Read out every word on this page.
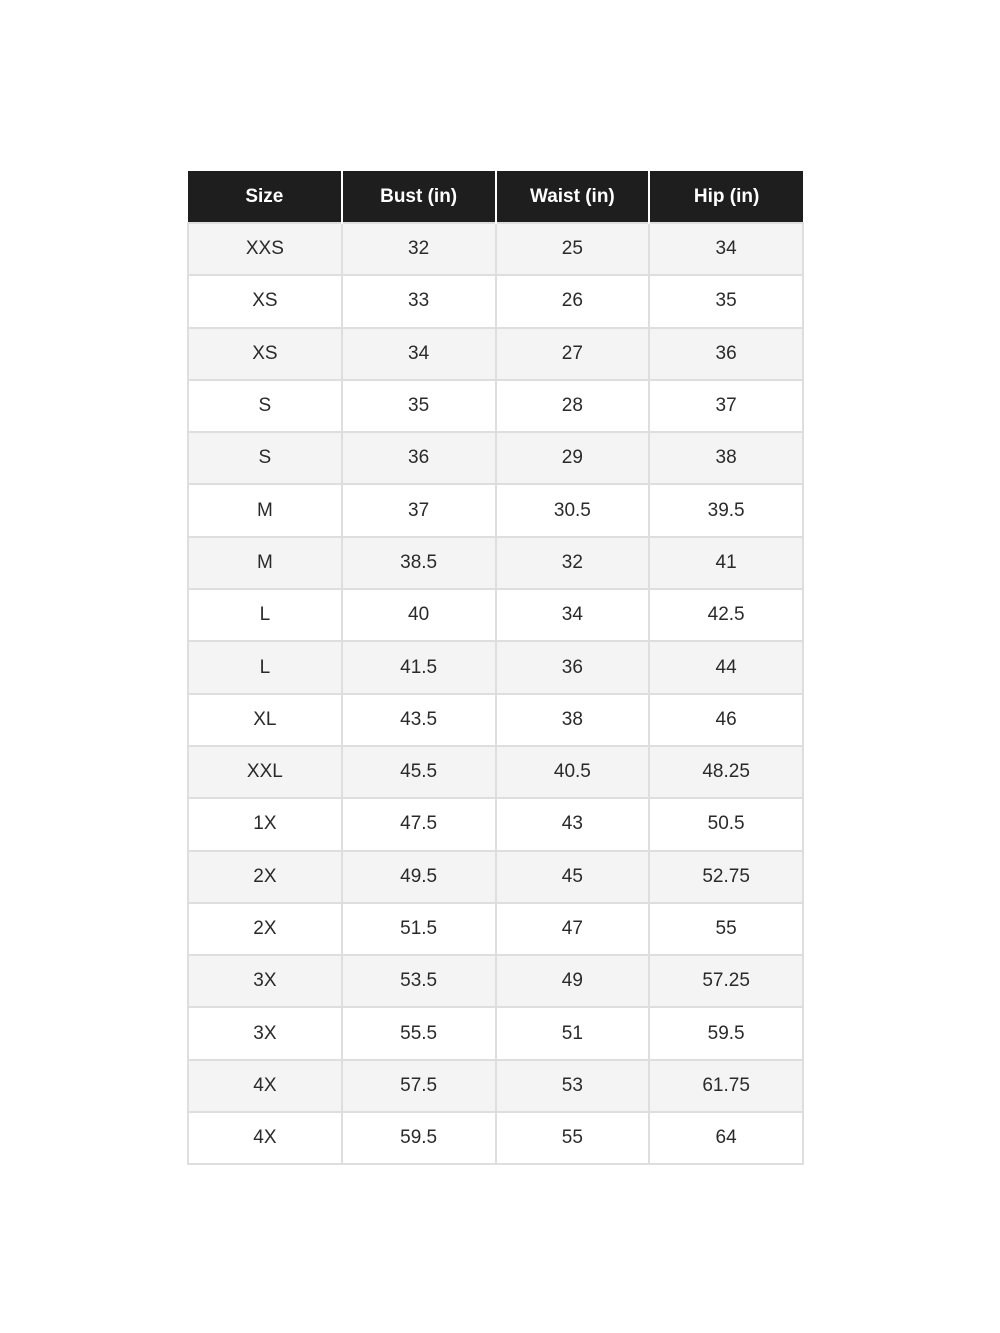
Size	Bust (in)	Waist (in)	Hip (in)
XXS	32	25	34
XS	33	26	35
XS	34	27	36
S	35	28	37
S	36	29	38
M	37	30.5	39.5
M	38.5	32	41
L	40	34	42.5
L	41.5	36	44
XL	43.5	38	46
XXL	45.5	40.5	48.25
1X	47.5	43	50.5
2X	49.5	45	52.75
2X	51.5	47	55
3X	53.5	49	57.25
3X	55.5	51	59.5
4X	57.5	53	61.75
4X	59.5	55	64
